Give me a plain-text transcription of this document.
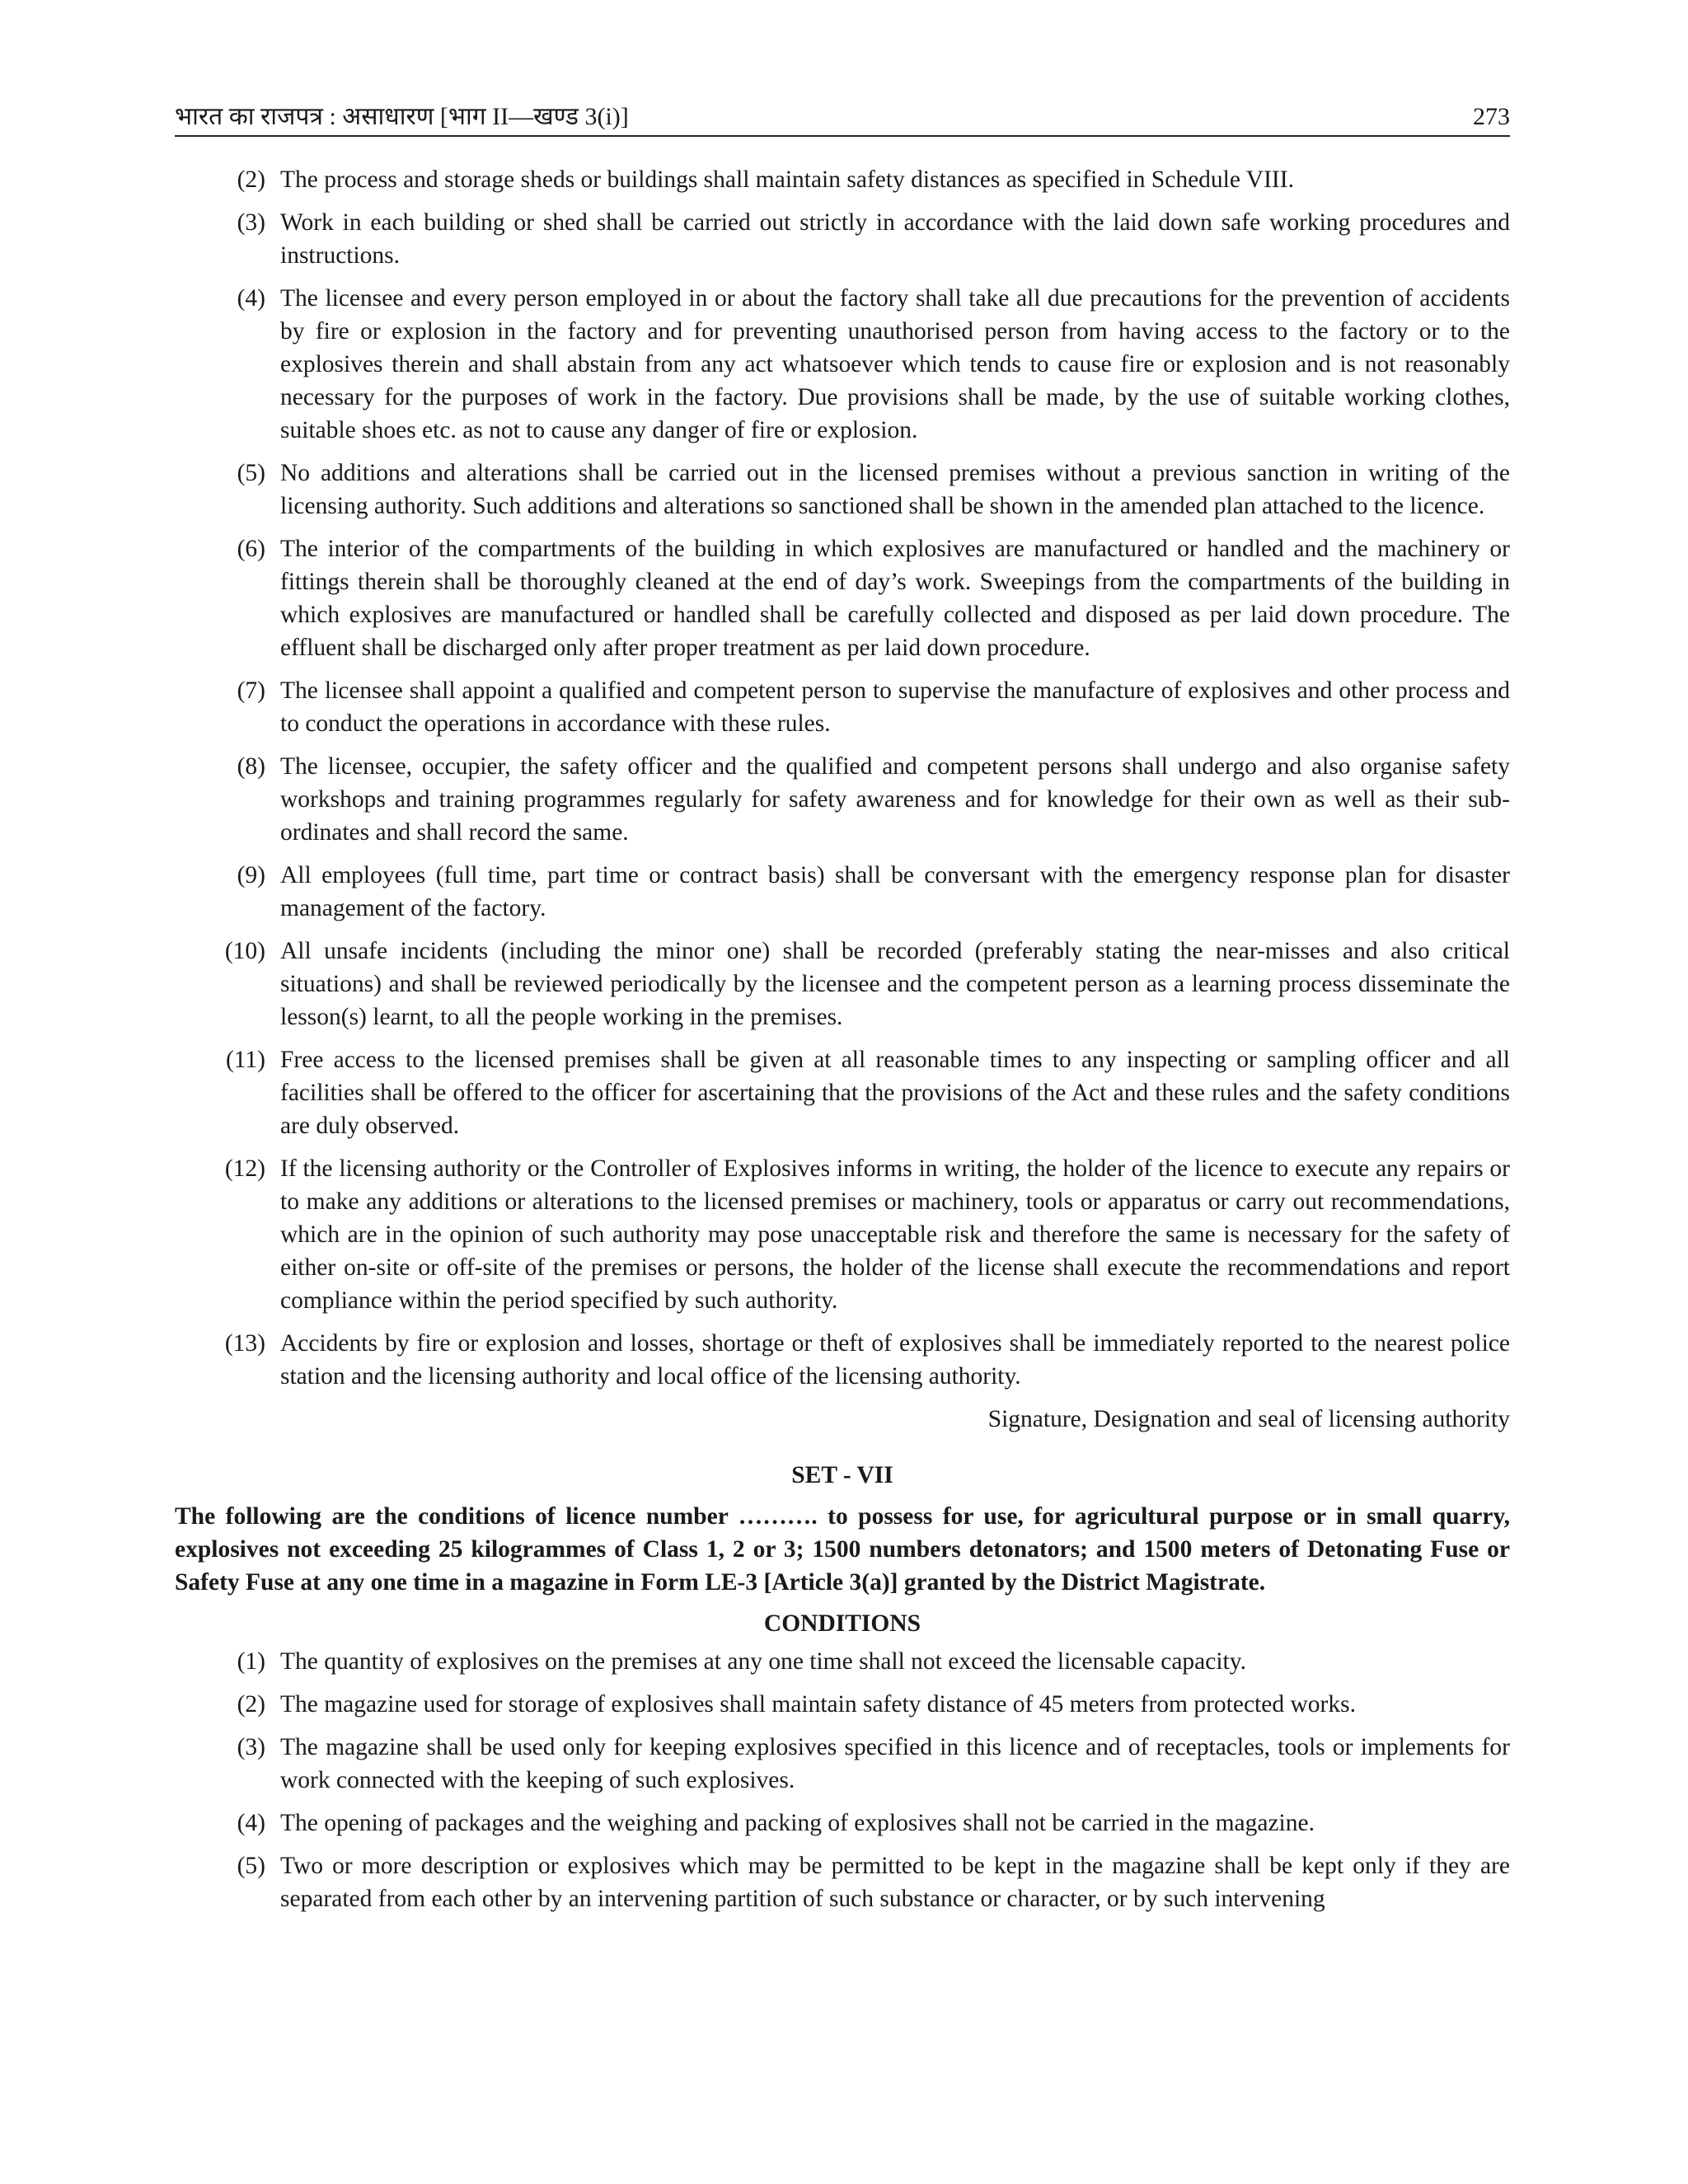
भारत का राजपत्र : असाधारण [भाग II—खण्ड 3(i)]	273
(2) The process and storage sheds or buildings shall maintain safety distances as specified in Schedule VIII.
(3) Work in each building or shed shall be carried out strictly in accordance with the laid down safe working procedures and instructions.
(4) The licensee and every person employed in or about the factory shall take all due precautions for the prevention of accidents by fire or explosion in the factory and for preventing unauthorised person from having access to the factory or to the explosives therein and shall abstain from any act whatsoever which tends to cause fire or explosion and is not reasonably necessary for the purposes of work in the factory. Due provisions shall be made, by the use of suitable working clothes, suitable shoes etc. as not to cause any danger of fire or explosion.
(5) No additions and alterations shall be carried out in the licensed premises without a previous sanction in writing of the licensing authority. Such additions and alterations so sanctioned shall be shown in the amended plan attached to the licence.
(6) The interior of the compartments of the building in which explosives are manufactured or handled and the machinery or fittings therein shall be thoroughly cleaned at the end of day’s work. Sweepings from the compartments of the building in which explosives are manufactured or handled shall be carefully collected and disposed as per laid down procedure. The effluent shall be discharged only after proper treatment as per laid down procedure.
(7) The licensee shall appoint a qualified and competent person to supervise the manufacture of explosives and other process and to conduct the operations in accordance with these rules.
(8) The licensee, occupier, the safety officer and the qualified and competent persons shall undergo and also organise safety workshops and training programmes regularly for safety awareness and for knowledge for their own as well as their sub-ordinates and shall record the same.
(9) All employees (full time, part time or contract basis) shall be conversant with the emergency response plan for disaster management of the factory.
(10) All unsafe incidents (including the minor one) shall be recorded (preferably stating the near-misses and also critical situations) and shall be reviewed periodically by the licensee and the competent person as a learning process disseminate the lesson(s) learnt, to all the people working in the premises.
(11) Free access to the licensed premises shall be given at all reasonable times to any inspecting or sampling officer and all facilities shall be offered to the officer for ascertaining that the provisions of the Act and these rules and the safety conditions are duly observed.
(12) If the licensing authority or the Controller of Explosives informs in writing, the holder of the licence to execute any repairs or to make any additions or alterations to the licensed premises or machinery, tools or apparatus or carry out recommendations, which are in the opinion of such authority may pose unacceptable risk and therefore the same is necessary for the safety of either on-site or off-site of the premises or persons, the holder of the license shall execute the recommendations and report compliance within the period specified by such authority.
(13) Accidents by fire or explosion and losses, shortage or theft of explosives shall be immediately reported to the nearest police station and the licensing authority and local office of the licensing authority.
Signature, Designation and seal of licensing authority
SET - VII
The following are the conditions of licence number ………. to possess for use, for agricultural purpose or in small quarry, explosives not exceeding 25 kilogrammes of Class 1, 2 or 3; 1500 numbers detonators; and 1500 meters of Detonating Fuse or Safety Fuse at any one time in a magazine in Form LE-3 [Article 3(a)] granted by the District Magistrate.
CONDITIONS
(1) The quantity of explosives on the premises at any one time shall not exceed the licensable capacity.
(2) The magazine used for storage of explosives shall maintain safety distance of 45 meters from protected works.
(3) The magazine shall be used only for keeping explosives specified in this licence and of receptacles, tools or implements for work connected with the keeping of such explosives.
(4) The opening of packages and the weighing and packing of explosives shall not be carried in the magazine.
(5) Two or more description or explosives which may be permitted to be kept in the magazine shall be kept only if they are separated from each other by an intervening partition of such substance or character, or by such intervening
